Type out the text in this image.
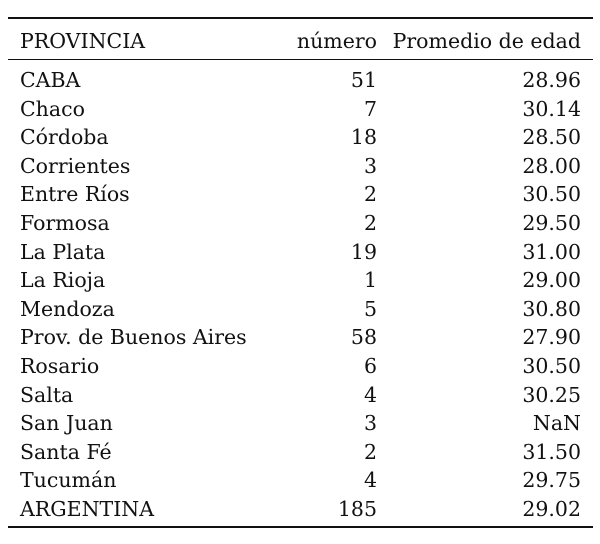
PROVINCIA	número	Promedio de edad

CABA	51	28.96
Chaco	7	30.14
Córdoba	18	28.50
Corrientes	3	28.00
Entre Ríos	2	30.50
Formosa	2	29.50
La Plata	19	31.00
La Rioja	1	29.00
Mendoza	5	30.80
Prov. de Buenos Aires	58	27.90
Rosario	6	30.50
Salta	4	30.25
San Juan	3	NaN
Santa Fé	2	31.50
Tucumán	4	29.75
ARGENTINA	185	29.02
